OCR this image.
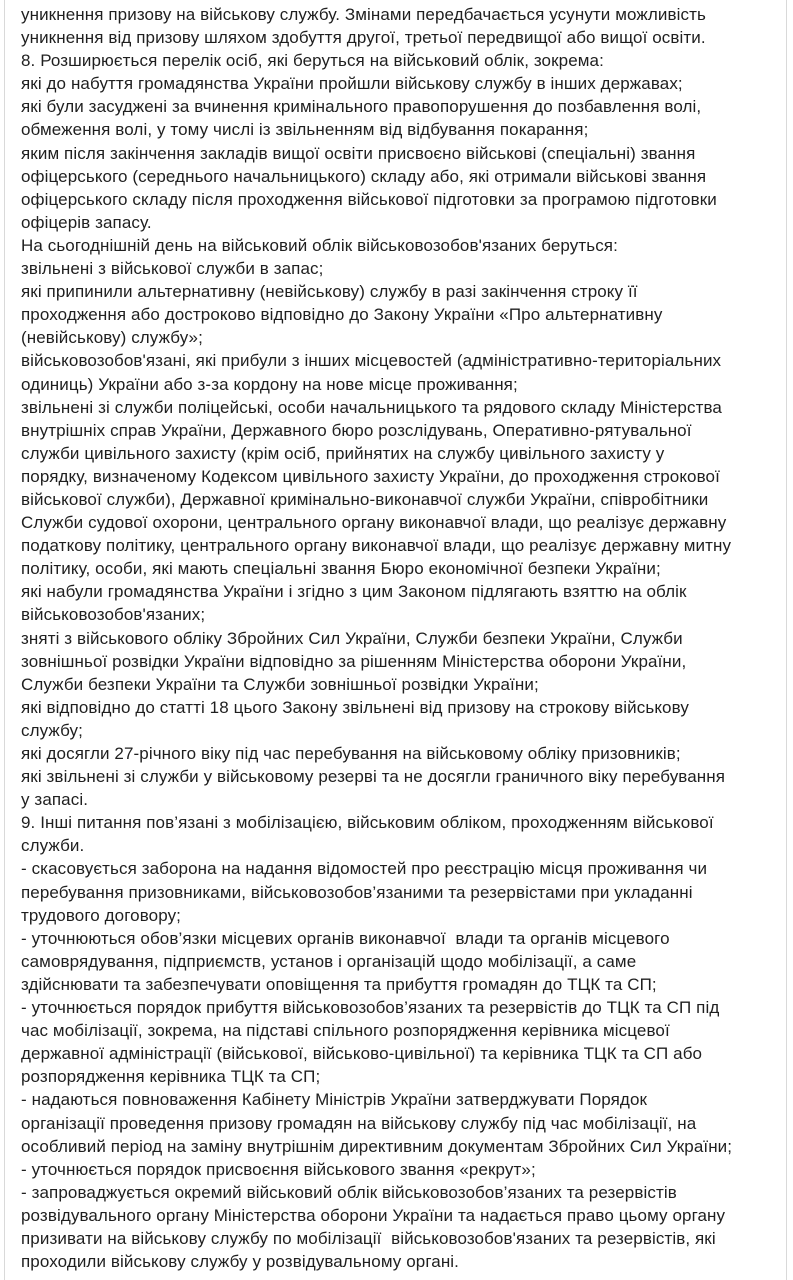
уникнення призову на військову службу. Змінами передбачається усунути можливість
уникнення від призову шляхом здобуття другої, третьої передвищої або вищої освіти.
8. Розширюється перелік осіб, які беруться на військовий облік, зокрема:
які до набуття громадянства України пройшли військову службу в інших державах;
які були засуджені за вчинення кримінального правопорушення до позбавлення волі,
обмеження волі, у тому числі із звільненням від відбування покарання;
яким після закінчення закладів вищої освіти присвоєно військові (спеціальні) звання
офіцерського (середнього начальницького) складу або, які отримали військові звання
офіцерського складу після проходження військової підготовки за програмою підготовки
офіцерів запасу.
На сьогоднішній день на військовий облік військовозобов'язаних беруться:
звільнені з військової служби в запас;
які припинили альтернативну (невійськову) службу в разі закінчення строку її
проходження або достроково відповідно до Закону України «Про альтернативну
(невійськову) службу»;
військовозобов'язані, які прибули з інших місцевостей (адміністративно-територіальних
одиниць) України або з-за кордону на нове місце проживання;
звільнені зі служби поліцейські, особи начальницького та рядового складу Міністерства
внутрішніх справ України, Державного бюро розслідувань, Оперативно-рятувальної
служби цивільного захисту (крім осіб, прийнятих на службу цивільного захисту у
порядку, визначеному Кодексом цивільного захисту України, до проходження строкової
військової служби), Державної кримінально-виконавчої служби України, співробітники
Служби судової охорони, центрального органу виконавчої влади, що реалізує державну
податкову політику, центрального органу виконавчої влади, що реалізує державну митну
політику, особи, які мають спеціальні звання Бюро економічної безпеки України;
які набули громадянства України і згідно з цим Законом підлягають взяттю на облік
військовозобов'язаних;
зняті з військового обліку Збройних Сил України, Служби безпеки України, Служби
зовнішньої розвідки України відповідно за рішенням Міністерства оборони України,
Служби безпеки України та Служби зовнішньої розвідки України;
які відповідно до статті 18 цього Закону звільнені від призову на строкову військову
службу;
які досягли 27-річного віку під час перебування на військовому обліку призовників;
які звільнені зі служби у військовому резерві та не досягли граничного віку перебування
у запасі.
9. Інші питання пов’язані з мобілізацією, військовим обліком, проходженням військової
служби.
- скасовується заборона на надання відомостей про реєстрацію місця проживання чи
перебування призовниками, військовозобов’язаними та резервістами при укладанні
трудового договору;
- уточнюються обов’язки місцевих органів виконавчої  влади та органів місцевого
самоврядування, підприємств, установ і організацій щодо мобілізації, а саме
здійснювати та забезпечувати оповіщення та прибуття громадян до ТЦК та СП;
- уточнюється порядок прибуття військовозобов’язаних та резервістів до ТЦК та СП під
час мобілізації, зокрема, на підставі спільного розпорядження керівника місцевої
державної адміністрації (військової, військово-цивільної) та керівника ТЦК та СП або
розпорядження керівника ТЦК та СП;
- надаються повноваження Кабінету Міністрів України затверджувати Порядок
організації проведення призову громадян на військову службу під час мобілізації, на
особливий період на заміну внутрішнім директивним документам Збройних Сил України;
- уточнюється порядок присвоєння військового звання «рекрут»;
- запроваджується окремий військовий облік військовозобов’язаних та резервістів
розвідувального органу Міністерства оборони України та надається право цьому органу
призивати на військову службу по мобілізації  військовозобов'язаних та резервістів, які
проходили військову службу у розвідувальному органі.
